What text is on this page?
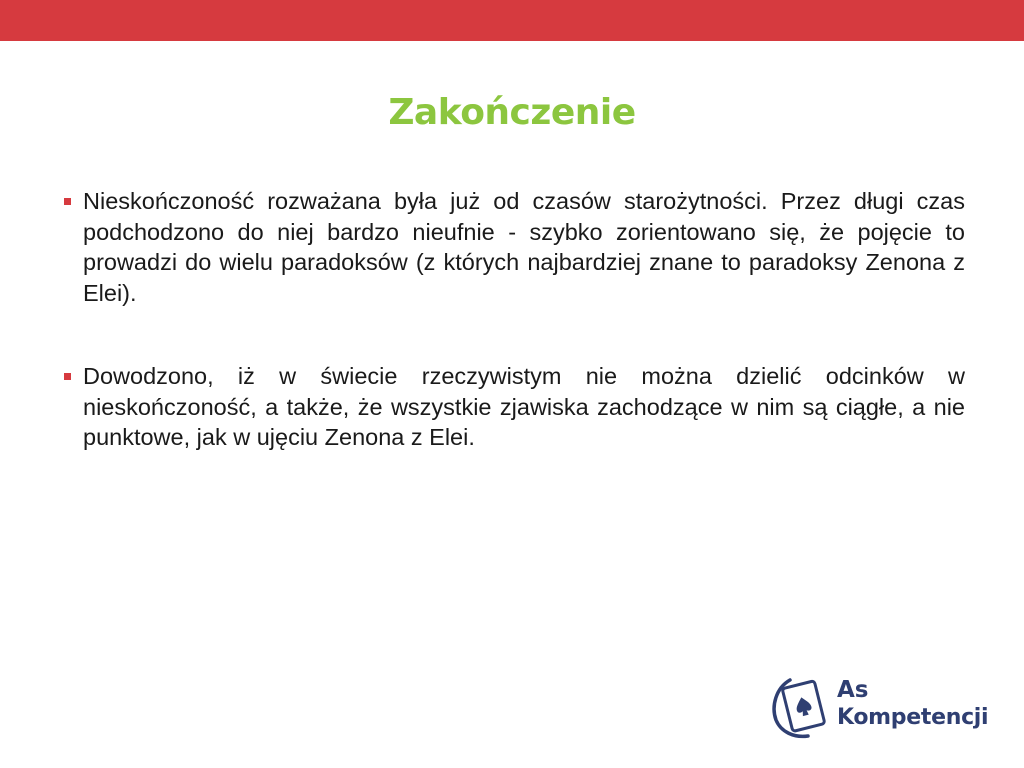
Zakończenie

Nieskończoność rozważana była już od czasów starożytności. Przez długi czas podchodzono do niej bardzo nieufnie - szybko zorientowano się, że pojęcie to prowadzi do wielu paradoksów (z których najbardziej znane to paradoksy Zenona z Elei).

Dowodzono, iż w świecie rzeczywistym nie można dzielić odcinków w nieskończoność, a także, że wszystkie zjawiska zachodzące w nim są ciągłe, a nie punktowe, jak w ujęciu Zenona z Elei.

As
Kompetencji
